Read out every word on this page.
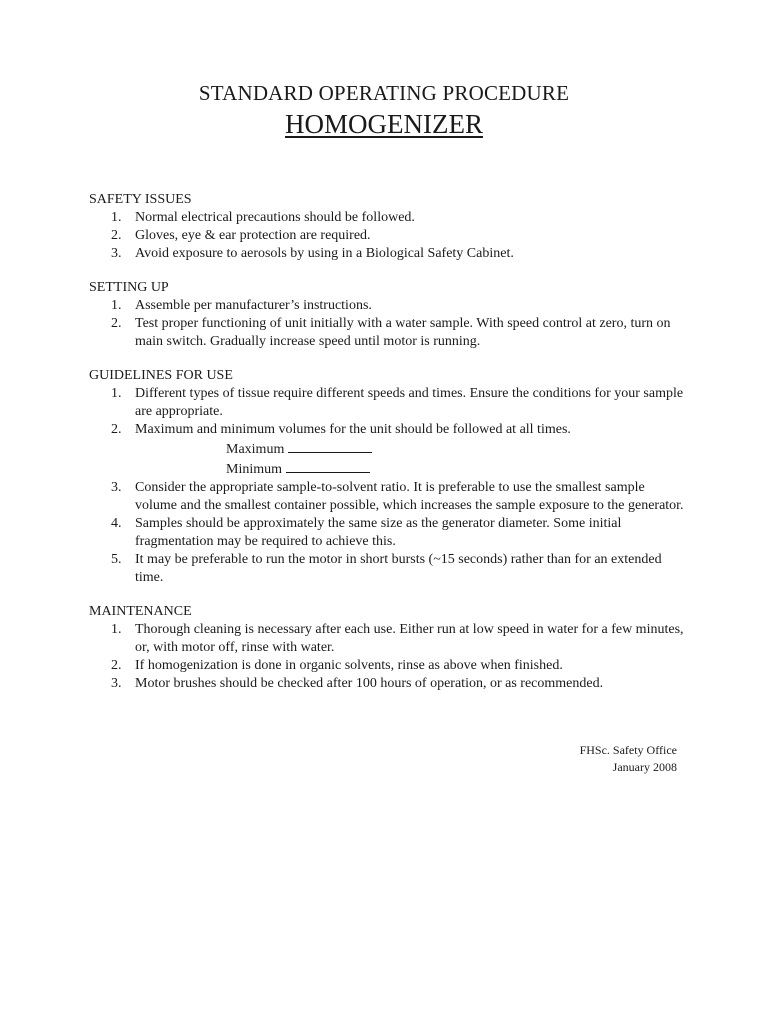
STANDARD OPERATING PROCEDURE
HOMOGENIZER
SAFETY ISSUES
1. Normal electrical precautions should be followed.
2. Gloves, eye & ear protection are required.
3. Avoid exposure to aerosols by using in a Biological Safety Cabinet.
SETTING UP
1. Assemble per manufacturer’s instructions.
2. Test proper functioning of unit initially with a water sample. With speed control at zero, turn on main switch. Gradually increase speed until motor is running.
GUIDELINES FOR USE
1. Different types of tissue require different speeds and times. Ensure the conditions for your sample are appropriate.
2. Maximum and minimum volumes for the unit should be followed at all times.
Maximum
Minimum
3. Consider the appropriate sample-to-solvent ratio. It is preferable to use the smallest sample volume and the smallest container possible, which increases the sample exposure to the generator.
4. Samples should be approximately the same size as the generator diameter. Some initial fragmentation may be required to achieve this.
5. It may be preferable to run the motor in short bursts (~15 seconds) rather than for an extended time.
MAINTENANCE
1. Thorough cleaning is necessary after each use. Either run at low speed in water for a few minutes, or, with motor off, rinse with water.
2. If homogenization is done in organic solvents, rinse as above when finished.
3. Motor brushes should be checked after 100 hours of operation, or as recommended.
FHSc. Safety Office
January 2008
